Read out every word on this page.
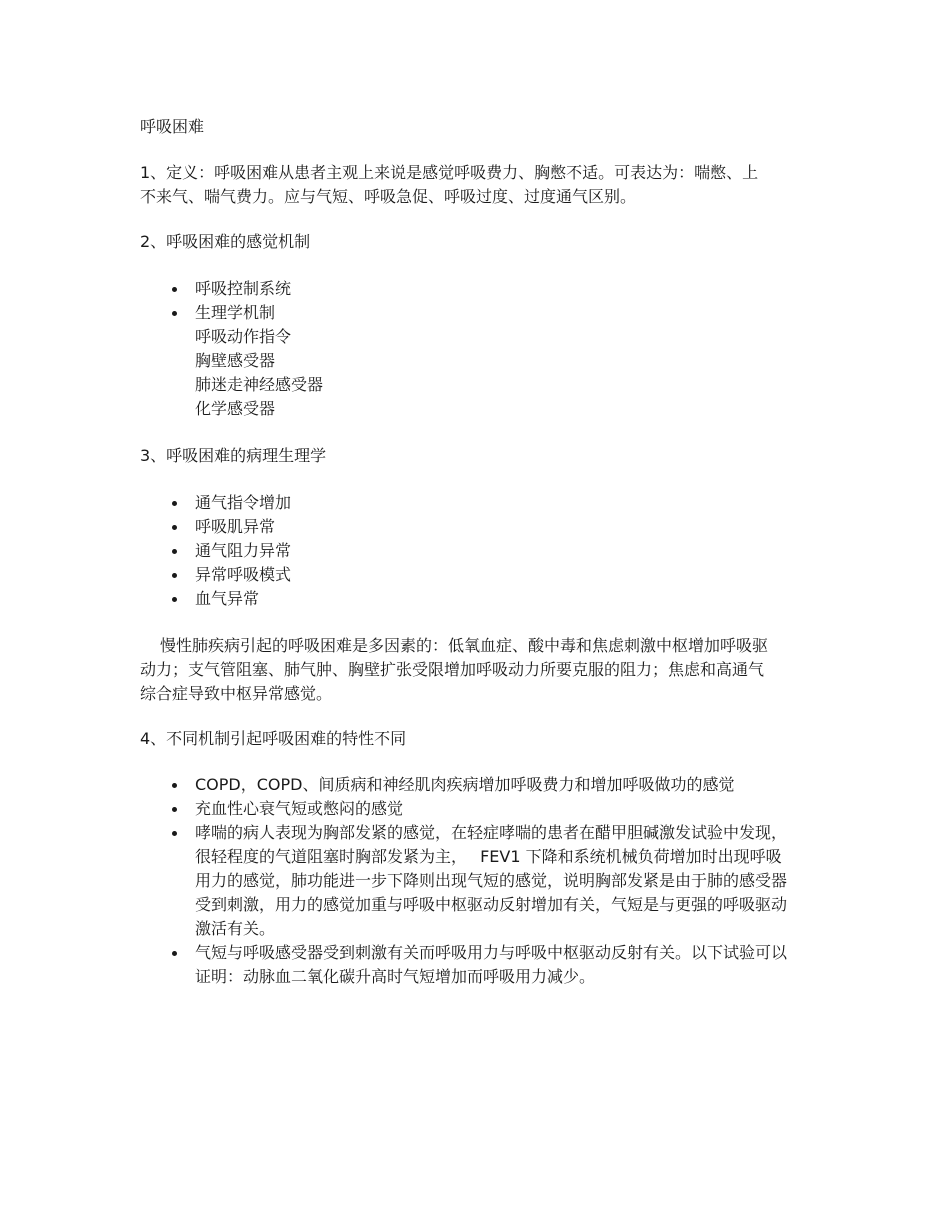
呼吸困难

1、定义：呼吸困难从患者主观上来说是感觉呼吸费力、胸憋不适。可表达为：喘憋、上不来气、喘气费力。应与气短、呼吸急促、呼吸过度、过度通气区别。

2、呼吸困难的感觉机制

呼吸控制系统
生理学机制
呼吸动作指令
胸壁感受器
肺迷走神经感受器
化学感受器

3、呼吸困难的病理生理学

通气指令增加
呼吸肌异常
通气阻力异常
异常呼吸模式
血气异常

慢性肺疾病引起的呼吸困难是多因素的：低氧血症、酸中毒和焦虑刺激中枢增加呼吸驱动力；支气管阻塞、肺气肿、胸壁扩张受限增加呼吸动力所要克服的阻力；焦虑和高通气综合症导致中枢异常感觉。

4、不同机制引起呼吸困难的特性不同

COPD，COPD、间质病和神经肌肉疾病增加呼吸费力和增加呼吸做功的感觉
充血性心衰气短或憋闷的感觉
哮喘的病人表现为胸部发紧的感觉，在轻症哮喘的患者在醋甲胆碱激发试验中发现，很轻程度的气道阻塞时胸部发紧为主，　 FEV1 下降和系统机械负荷增加时出现呼吸用力的感觉，肺功能进一步下降则出现气短的感觉，说明胸部发紧是由于肺的感受器受到刺激，用力的感觉加重与呼吸中枢驱动反射增加有关，气短是与更强的呼吸驱动激活有关。
气短与呼吸感受器受到刺激有关而呼吸用力与呼吸中枢驱动反射有关。以下试验可以证明：动脉血二氧化碳升高时气短增加而呼吸用力减少。
